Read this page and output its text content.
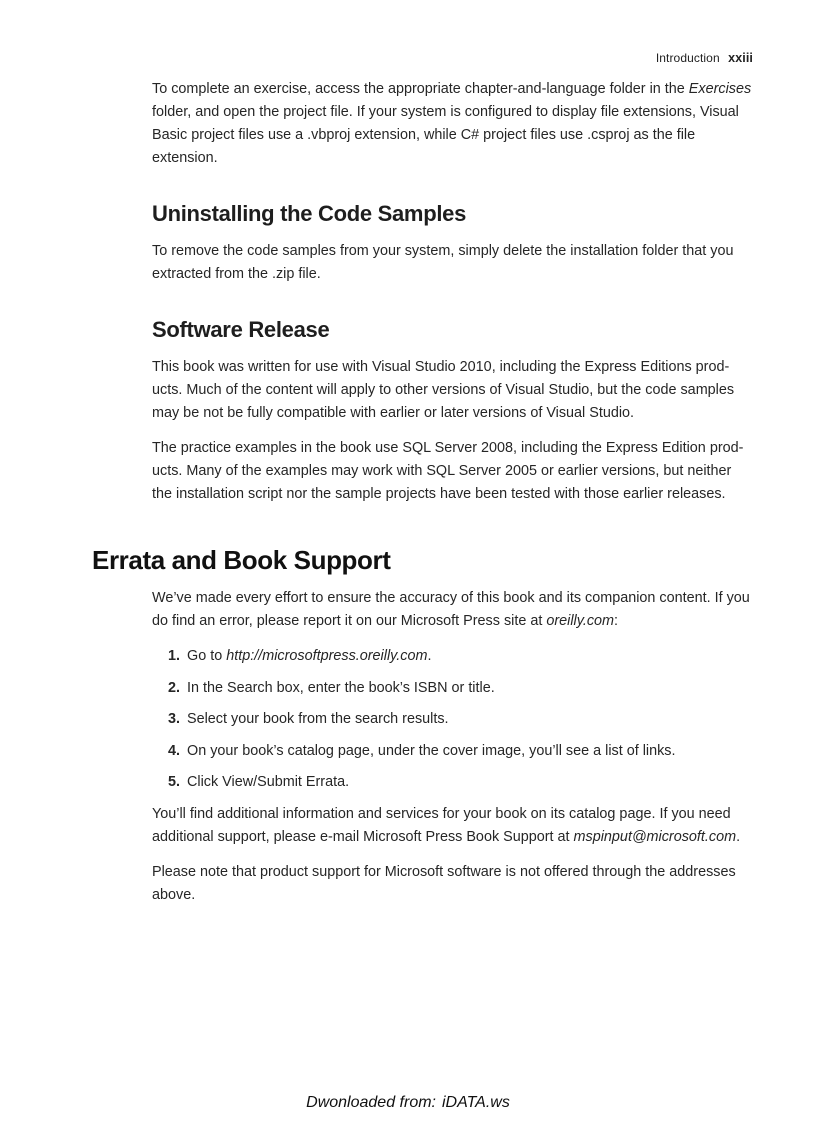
Introduction xxiii

To complete an exercise, access the appropriate chapter-and-language folder in the Exercises folder, and open the project file. If your system is configured to display file extensions, Visual Basic project files use a .vbproj extension, while C# project files use .csproj as the file extension.

Uninstalling the Code Samples

To remove the code samples from your system, simply delete the installation folder that you extracted from the .zip file.

Software Release

This book was written for use with Visual Studio 2010, including the Express Editions prod-ucts. Much of the content will apply to other versions of Visual Studio, but the code samples may be not be fully compatible with earlier or later versions of Visual Studio.

The practice examples in the book use SQL Server 2008, including the Express Edition prod-ucts. Many of the examples may work with SQL Server 2005 or earlier versions, but neither the installation script nor the sample projects have been tested with those earlier releases.

Errata and Book Support

We’ve made every effort to ensure the accuracy of this book and its companion content. If you do find an error, please report it on our Microsoft Press site at oreilly.com:

1. Go to http://microsoftpress.oreilly.com.
2. In the Search box, enter the book’s ISBN or title.
3. Select your book from the search results.
4. On your book’s catalog page, under the cover image, you’ll see a list of links.
5. Click View/Submit Errata.

You’ll find additional information and services for your book on its catalog page. If you need additional support, please e-mail Microsoft Press Book Support at mspinput@microsoft.com.

Please note that product support for Microsoft software is not offered through the addresses above.

Dwonloaded from: iDATA.ws
